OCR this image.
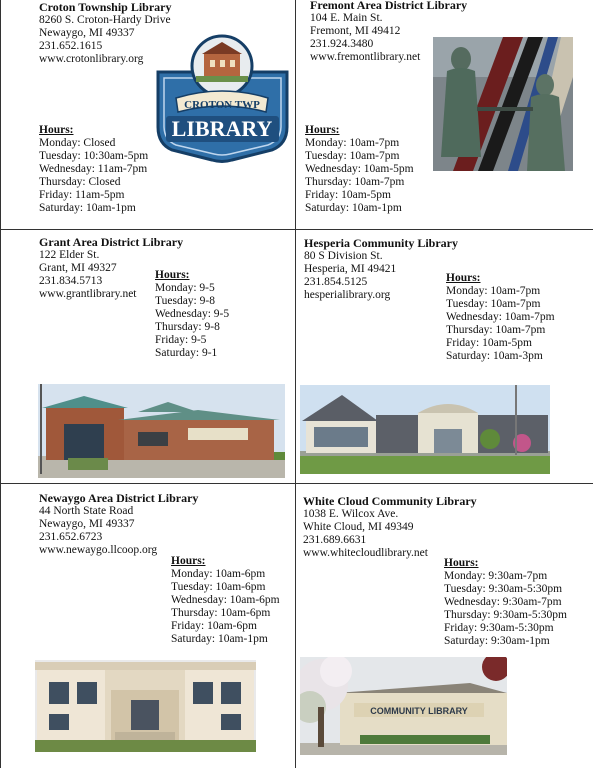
Croton Township Library
8260 S. Croton-Hardy Drive
Newaygo, MI 49337
231.652.1615
www.crotonlibrary.org
Hours:
Monday: Closed
Tuesday: 10:30am-5pm
Wednesday: 11am-7pm
Thursday: Closed
Friday: 11am-5pm
Saturday: 10am-1pm
CROTON TWP
LIBRARY
Fremont Area District Library
104 E. Main St.
Fremont, MI 49412
231.924.3480
www.fremontlibrary.net
Hours:
Monday: 10am-7pm
Tuesday: 10am-7pm
Wednesday: 10am-5pm
Thursday: 10am-7pm
Friday: 10am-5pm
Saturday: 10am-1pm
Grant Area District Library
122 Elder St.
Grant, MI 49327
231.834.5713
www.grantlibrary.net
Hours:
Monday: 9-5
Tuesday: 9-8
Wednesday: 9-5
Thursday: 9-8
Friday: 9-5
Saturday: 9-1
Hesperia Community Library
80 S Division St.
Hesperia, MI 49421
231.854.5125
hesperialibrary.org
Hours:
Monday: 10am-7pm
Tuesday: 10am-7pm
Wednesday: 10am-7pm
Thursday: 10am-7pm
Friday: 10am-5pm
Saturday: 10am-3pm
Newaygo Area District Library
44 North State Road
Newaygo, MI 49337
231.652.6723
www.newaygo.llcoop.org
Hours:
Monday: 10am-6pm
Tuesday: 10am-6pm
Wednesday: 10am-6pm
Thursday: 10am-6pm
Friday: 10am-6pm
Saturday: 10am-1pm
White Cloud Community Library
1038 E. Wilcox Ave.
White Cloud, MI 49349
231.689.6631
www.whitecloudlibrary.net
Hours:
Monday: 9:30am-7pm
Tuesday: 9:30am-5:30pm
Wednesday: 9:30am-7pm
Thursday: 9:30am-5:30pm
Friday: 9:30am-5:30pm
Saturday: 9:30am-1pm
COMMUNITY LIBRARY
